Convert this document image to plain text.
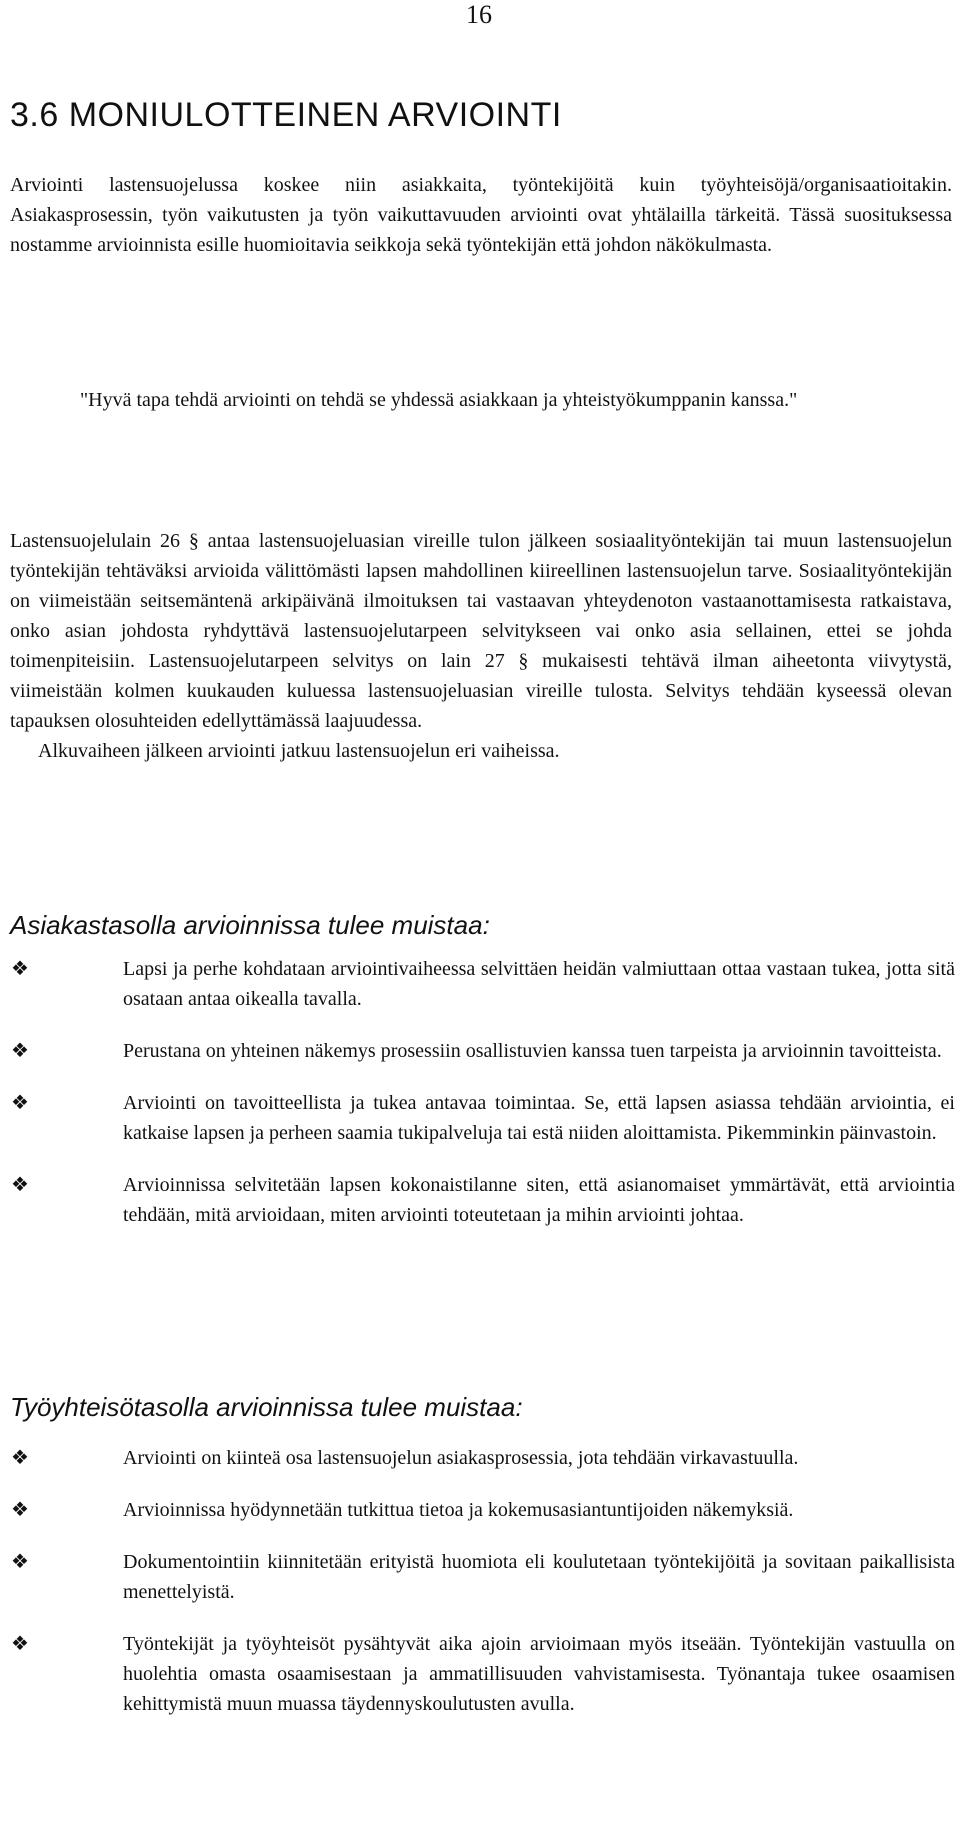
16
3.6 MONIULOTTEINEN ARVIOINTI

Arviointi lastensuojelussa koskee niin asiakkaita, työntekijöitä kuin työyhteisöjä/organisaatioitakin. Asiakasprosessin, työn vaikutusten ja työn vaikuttavuuden arviointi ovat yhtälailla tärkeitä. Tässä suosituksessa nostamme arvioinnista esille huomioitavia seikkoja sekä työntekijän että johdon näkökulmasta.

"Hyvä tapa tehdä arviointi on tehdä se yhdessä asiakkaan ja yhteistyökumppanin kanssa."

Lastensuojelulain 26 § antaa lastensuojeluasian vireille tulon jälkeen sosiaalityöntekijän tai muun lastensuojelun työntekijän tehtäväksi arvioida välittömästi lapsen mahdollinen kiireellinen lastensuojelun tarve. Sosiaalityöntekijän on viimeistään seitsemäntenä arkipäivänä ilmoituksen tai vastaavan yhteydenoton vastaanottamisesta ratkaistava, onko asian johdosta ryhdyttävä lastensuojelutarpeen selvitykseen vai onko asia sellainen, ettei se johda toimenpiteisiin. Lastensuojelutarpeen selvitys on lain 27 § mukaisesti tehtävä ilman aiheetonta viivytystä, viimeistään kolmen kuukauden kuluessa lastensuojeluasian vireille tulosta. Selvitys tehdään kyseessä olevan tapauksen olosuhteiden edellyttämässä laajuudessa.

Alkuvaiheen jälkeen arviointi jatkuu lastensuojelun eri vaiheissa.

Asiakastasolla arvioinnissa tulee muistaa:
❖	Lapsi ja perhe kohdataan arviointivaiheessa selvittäen heidän valmiuttaan ottaa vastaan tukea, jotta sitä osataan antaa oikealla tavalla.
❖	Perustana on yhteinen näkemys prosessiin osallistuvien kanssa tuen tarpeista ja arvioinnin tavoitteista.
❖	Arviointi on tavoitteellista ja tukea antavaa toimintaa. Se, että lapsen asiassa tehdään arviointia, ei katkaise lapsen ja perheen saamia tukipalveluja tai estä niiden aloittamista. Pikemminkin päinvastoin.
❖	Arvioinnissa selvitetään lapsen kokonaistilanne siten, että asianomaiset ymmärtävät, että arviointia tehdään, mitä arvioidaan, miten arviointi toteutetaan ja mihin arviointi johtaa.
Työyhteisötasolla arvioinnissa tulee muistaa:
❖	Arviointi on kiinteä osa lastensuojelun asiakasprosessia, jota tehdään virkavastuulla.
❖	Arvioinnissa hyödynnetään tutkittua tietoa ja kokemusasiantuntijoiden näkemyksiä.
❖	Dokumentointiin kiinnitetään erityistä huomiota eli koulutetaan työntekijöitä ja sovitaan paikallisista menettelyistä.
❖	Työntekijät ja työyhteisöt pysähtyvät aika ajoin arvioimaan myös itseään. Työntekijän vastuulla on huolehtia omasta osaamisestaan ja ammatillisuuden vahvistamisesta. Työnantaja tukee osaamisen kehittymistä muun muassa täydennyskoulutusten avulla.
